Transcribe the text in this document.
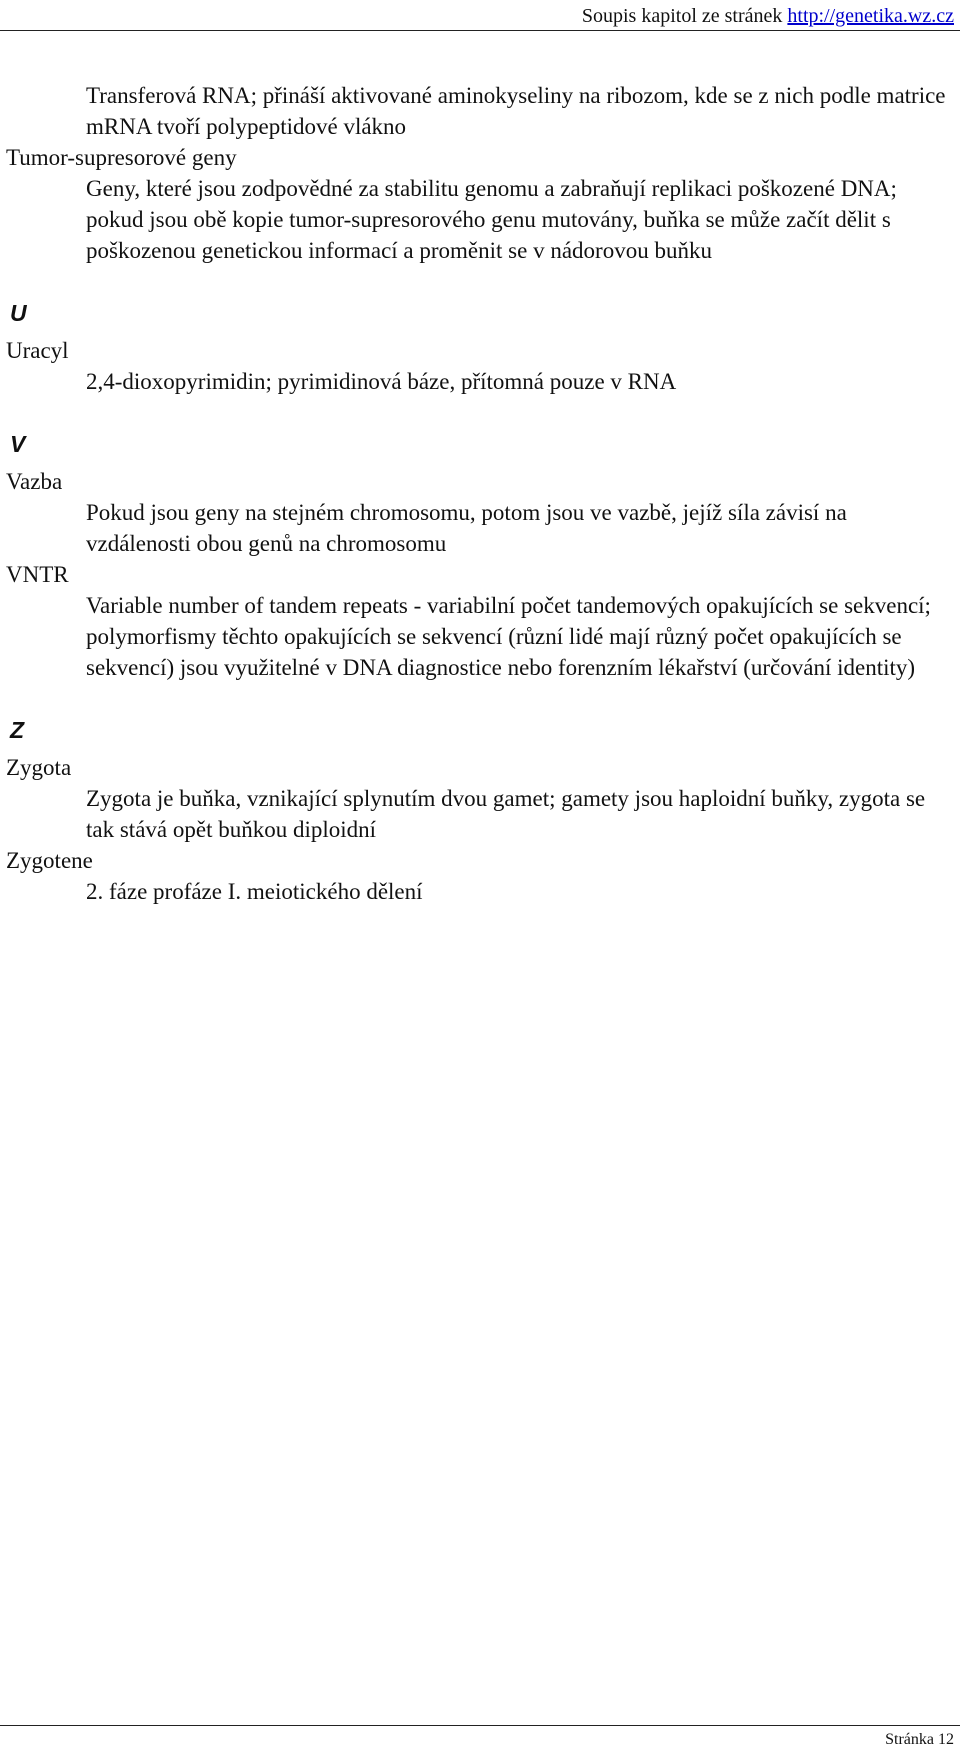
Soupis kapitol ze stránek http://genetika.wz.cz

Transferová RNA; přináší aktivované aminokyseliny na ribozom, kde se z nich podle matrice mRNA tvoří polypeptidové vlákno

Tumor-supresorové geny

Geny, které jsou zodpovědné za stabilitu genomu a zabraňují replikaci poškozené DNA; pokud jsou obě kopie tumor-supresorového genu mutovány, buňka se může začít dělit s poškozenou genetickou informací a proměnit se v nádorovou buňku

U

Uracyl

2,4-dioxopyrimidin; pyrimidinová báze, přítomná pouze v RNA

V

Vazba

Pokud jsou geny na stejném chromosomu, potom jsou ve vazbě, jejíž síla závisí na vzdálenosti obou genů na chromosomu

VNTR

Variable number of tandem repeats - variabilní počet tandemových opakujících se sekvencí; polymorfismy těchto opakujících se sekvencí (různí lidé mají různý počet opakujících se sekvencí) jsou využitelné v DNA diagnostice nebo forenzním lékařství (určování identity)

Z

Zygota

Zygota je buňka, vznikající splynutím dvou gamet; gamety jsou haploidní buňky, zygota se tak stává opět buňkou diploidní

Zygotene

2. fáze profáze I. meiotického dělení

Stránka 12
